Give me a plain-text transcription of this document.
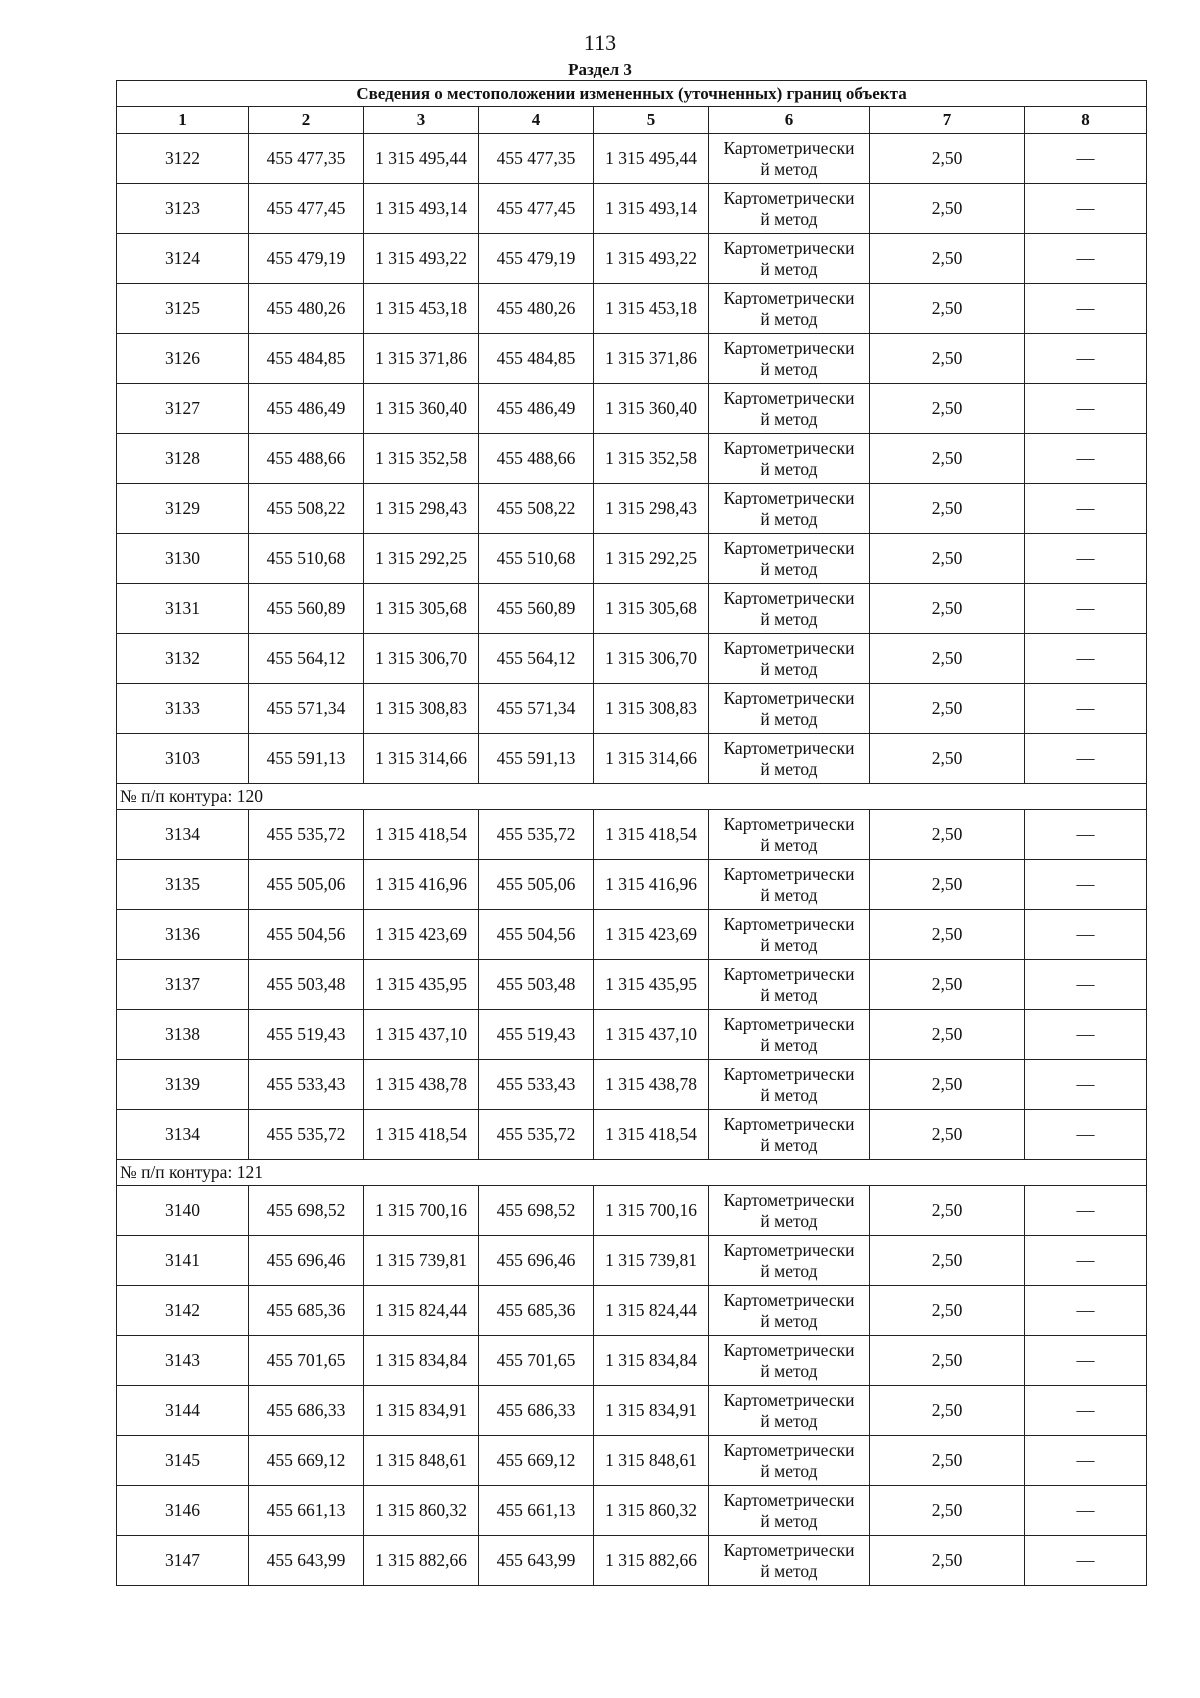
113
Раздел 3
Сведения о местоположении измененных (уточненных) границ объекта							
1	2	3	4	5	6	7	8
3122	455 477,35	1 315 495,44	455 477,35	1 315 495,44	Картометрически
й метод	2,50	—
3123	455 477,45	1 315 493,14	455 477,45	1 315 493,14	Картометрически
й метод	2,50	—
3124	455 479,19	1 315 493,22	455 479,19	1 315 493,22	Картометрически
й метод	2,50	—
3125	455 480,26	1 315 453,18	455 480,26	1 315 453,18	Картометрически
й метод	2,50	—
3126	455 484,85	1 315 371,86	455 484,85	1 315 371,86	Картометрически
й метод	2,50	—
3127	455 486,49	1 315 360,40	455 486,49	1 315 360,40	Картометрически
й метод	2,50	—
3128	455 488,66	1 315 352,58	455 488,66	1 315 352,58	Картометрически
й метод	2,50	—
3129	455 508,22	1 315 298,43	455 508,22	1 315 298,43	Картометрически
й метод	2,50	—
3130	455 510,68	1 315 292,25	455 510,68	1 315 292,25	Картометрически
й метод	2,50	—
3131	455 560,89	1 315 305,68	455 560,89	1 315 305,68	Картометрически
й метод	2,50	—
3132	455 564,12	1 315 306,70	455 564,12	1 315 306,70	Картометрически
й метод	2,50	—
3133	455 571,34	1 315 308,83	455 571,34	1 315 308,83	Картометрически
й метод	2,50	—
3103	455 591,13	1 315 314,66	455 591,13	1 315 314,66	Картометрически
й метод	2,50	—
№ п/п контура: 120							
3134	455 535,72	1 315 418,54	455 535,72	1 315 418,54	Картометрически
й метод	2,50	—
3135	455 505,06	1 315 416,96	455 505,06	1 315 416,96	Картометрически
й метод	2,50	—
3136	455 504,56	1 315 423,69	455 504,56	1 315 423,69	Картометрически
й метод	2,50	—
3137	455 503,48	1 315 435,95	455 503,48	1 315 435,95	Картометрически
й метод	2,50	—
3138	455 519,43	1 315 437,10	455 519,43	1 315 437,10	Картометрически
й метод	2,50	—
3139	455 533,43	1 315 438,78	455 533,43	1 315 438,78	Картометрически
й метод	2,50	—
3134	455 535,72	1 315 418,54	455 535,72	1 315 418,54	Картометрически
й метод	2,50	—
№ п/п контура: 121							
3140	455 698,52	1 315 700,16	455 698,52	1 315 700,16	Картометрически
й метод	2,50	—
3141	455 696,46	1 315 739,81	455 696,46	1 315 739,81	Картометрически
й метод	2,50	—
3142	455 685,36	1 315 824,44	455 685,36	1 315 824,44	Картометрически
й метод	2,50	—
3143	455 701,65	1 315 834,84	455 701,65	1 315 834,84	Картометрически
й метод	2,50	—
3144	455 686,33	1 315 834,91	455 686,33	1 315 834,91	Картометрически
й метод	2,50	—
3145	455 669,12	1 315 848,61	455 669,12	1 315 848,61	Картометрически
й метод	2,50	—
3146	455 661,13	1 315 860,32	455 661,13	1 315 860,32	Картометрически
й метод	2,50	—
3147	455 643,99	1 315 882,66	455 643,99	1 315 882,66	Картометрически
й метод	2,50	—
